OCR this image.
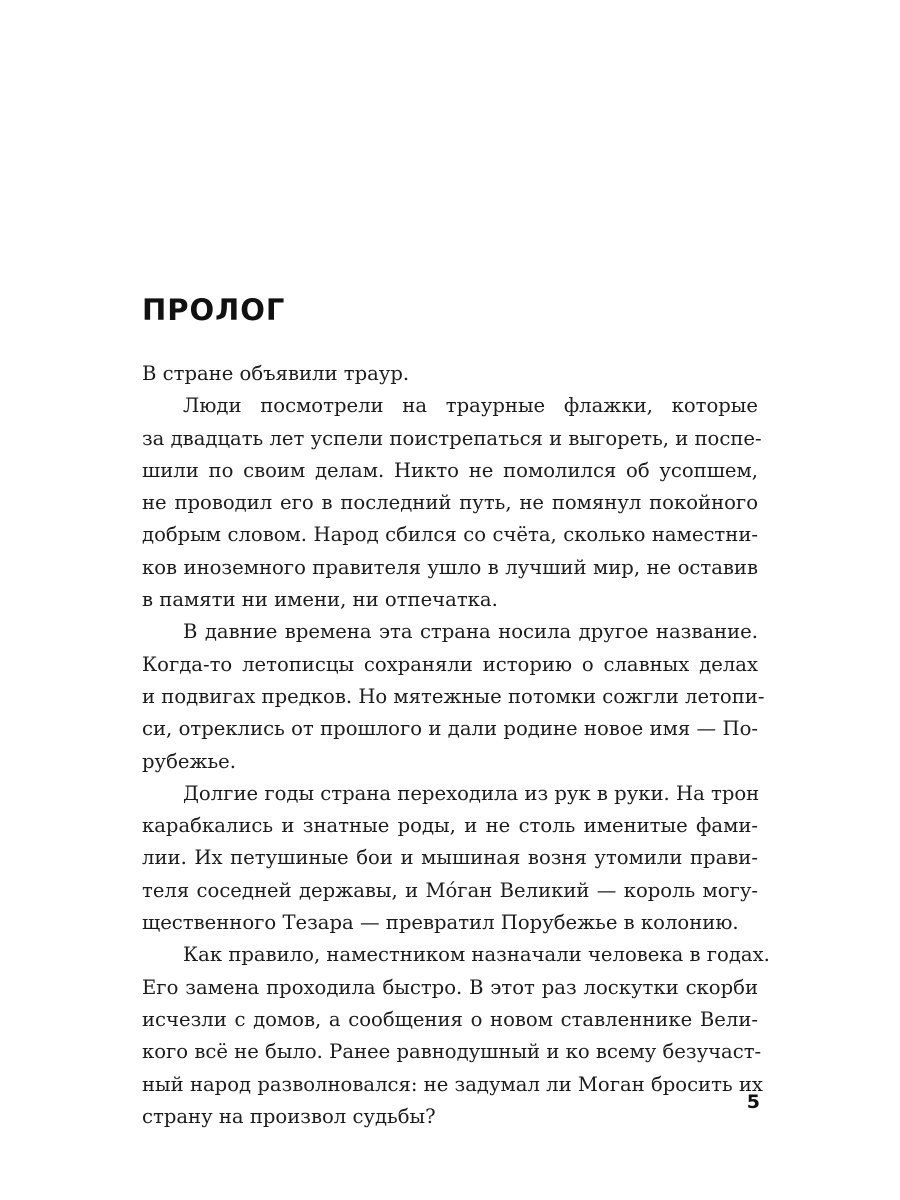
ПРОЛОГ
В стране объявили траур.
Люди посмотрели на траурные флажки, которые
за двадцать лет успели поистрепаться и выгореть, и поспе-
шили по своим делам. Никто не помолился об усопшем,
не проводил его в последний путь, не помянул покойного
добрым словом. Народ сбился со счёта, сколько наместни-
ков иноземного правителя ушло в лучший мир, не оставив
в памяти ни имени, ни отпечатка.
В давние времена эта страна носила другое название.
Когда-то летописцы сохраняли историю о славных делах
и подвигах предков. Но мятежные потомки сожгли летопи-
си, отреклись от прошлого и дали родине новое имя — По-
рубежье.
Долгие годы страна переходила из рук в руки. На трон
карабкались и знатные роды, и не столь именитые фами-
лии. Их петушиные бои и мышиная возня утомили прави-
теля соседней державы, и Мóган Великий — король могу-
щественного Тезара — превратил Порубежье в колонию.
Как правило, наместником назначали человека в годах.
Его замена проходила быстро. В этот раз лоскутки скорби
исчезли с домов, а сообщения о новом ставленнике Вели-
кого всё не было. Ранее равнодушный и ко всему безучаст-
ный народ разволновался: не задумал ли Моган бросить их
страну на произвол судьбы?
5
